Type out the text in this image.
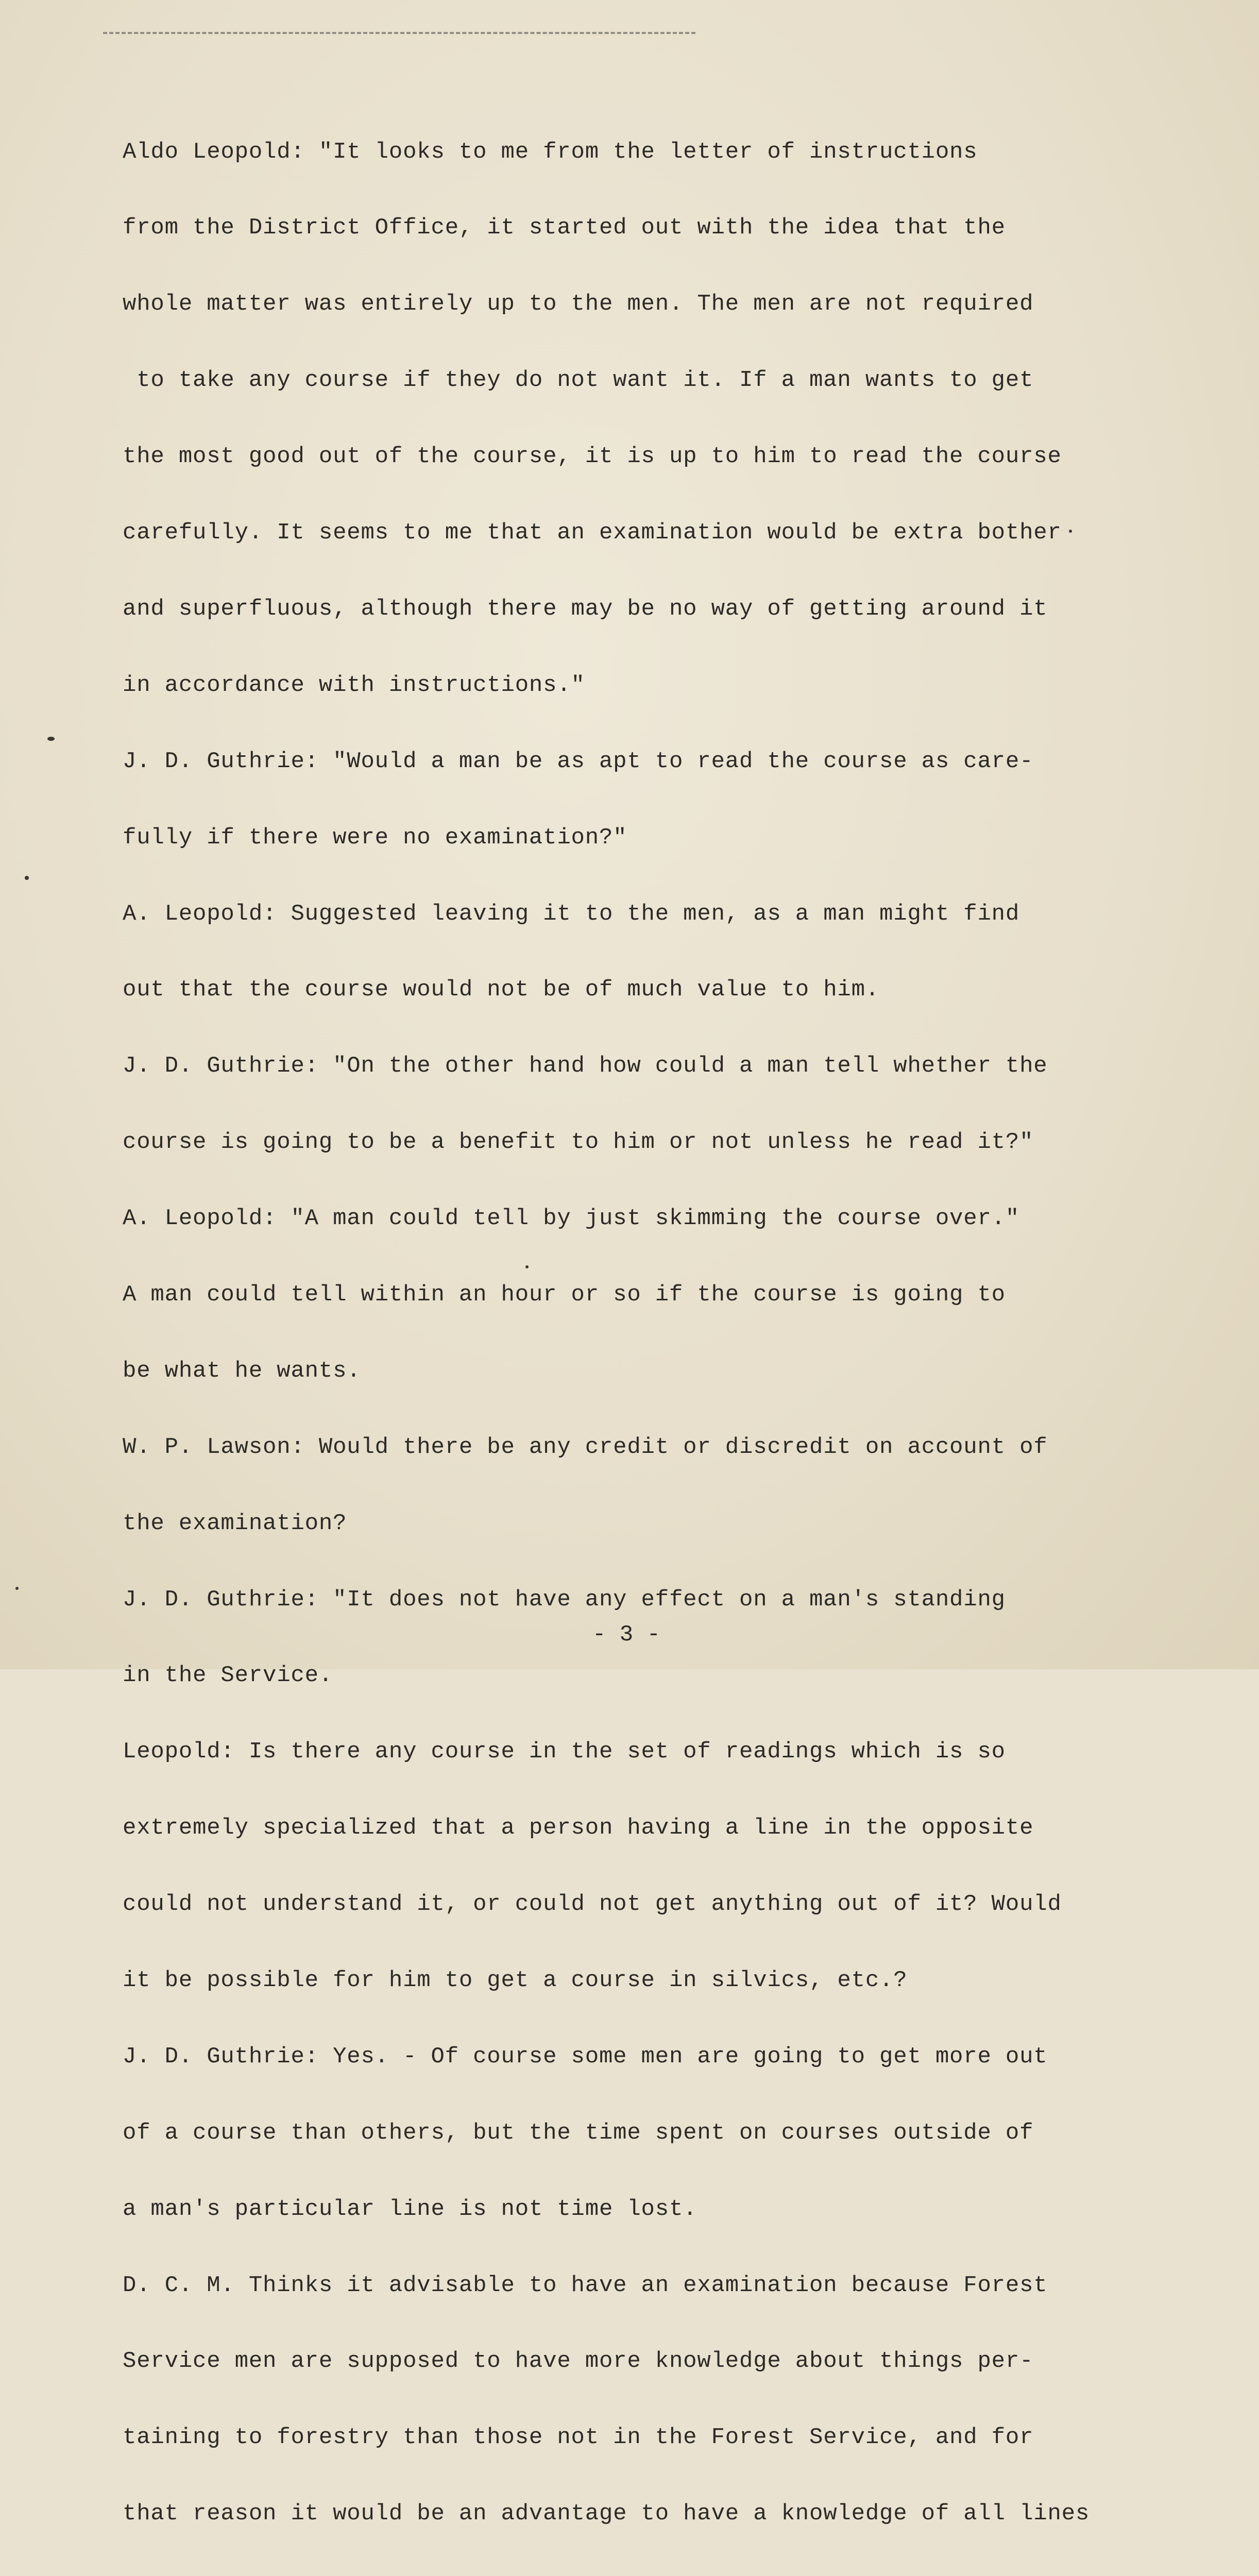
Aldo Leopold: "It looks to me from the letter of instructions

from the District Office, it started out with the idea that the

whole matter was entirely up to the men. The men are not required

to take any course if they do not want it. If a man wants to get

the most good out of the course, it is up to him to read the course

carefully. It seems to me that an examination would be extra bother

and superfluous, although there may be no way of getting around it

in accordance with instructions."

J. D. Guthrie: "Would a man be as apt to read the course as care-

fully if there were no examination?"

A. Leopold: Suggested leaving it to the men, as a man might find

out that the course would not be of much value to him.

J. D. Guthrie: "On the other hand how could a man tell whether the

course is going to be a benefit to him or not unless he read it?"

A. Leopold: "A man could tell by just skimming the course over."

A man could tell within an hour or so if the course is going to

be what he wants.

W. P. Lawson: Would there be any credit or discredit on account of

the examination?

J. D. Guthrie: "It does not have any effect on a man's standing

in the Service.

Leopold: Is there any course in the set of readings which is so

extremely specialized that a person having a line in the opposite

could not understand it, or could not get anything out of it? Would

it be possible for him to get a course in silvics, etc.?

J. D. Guthrie: Yes. - Of course some men are going to get more out

of a course than others, but the time spent on courses outside of

a man's particular line is not time lost.

D. C. M. Thinks it advisable to have an examination because Forest

Service men are supposed to have more knowledge about things per-

taining to forestry than those not in the Forest Service, and for

that reason it would be an advantage to have a knowledge of all lines

- 3 -
